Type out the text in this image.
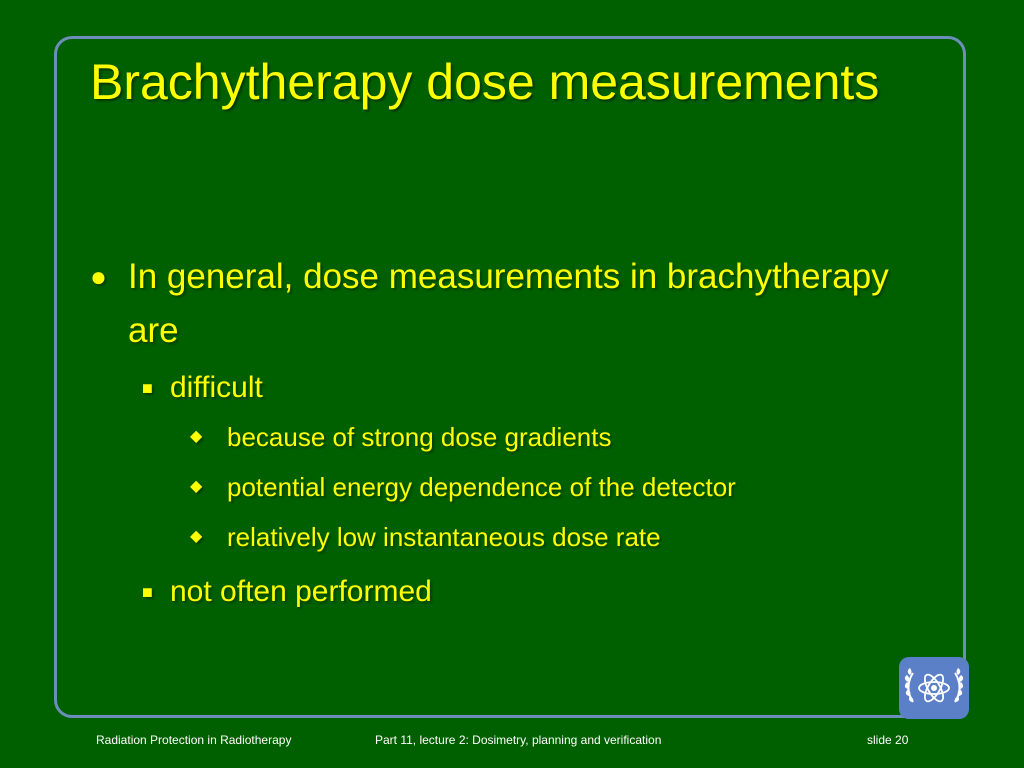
Brachytherapy dose measurements
● In general, dose measurements in brachytherapy are
■ difficult
◆ because of strong dose gradients
◆ potential energy dependence of the detector
◆ relatively low instantaneous dose rate
■ not often performed
Radiation Protection in Radiotherapy	Part 11, lecture 2: Dosimetry, planning and verification	slide 20
